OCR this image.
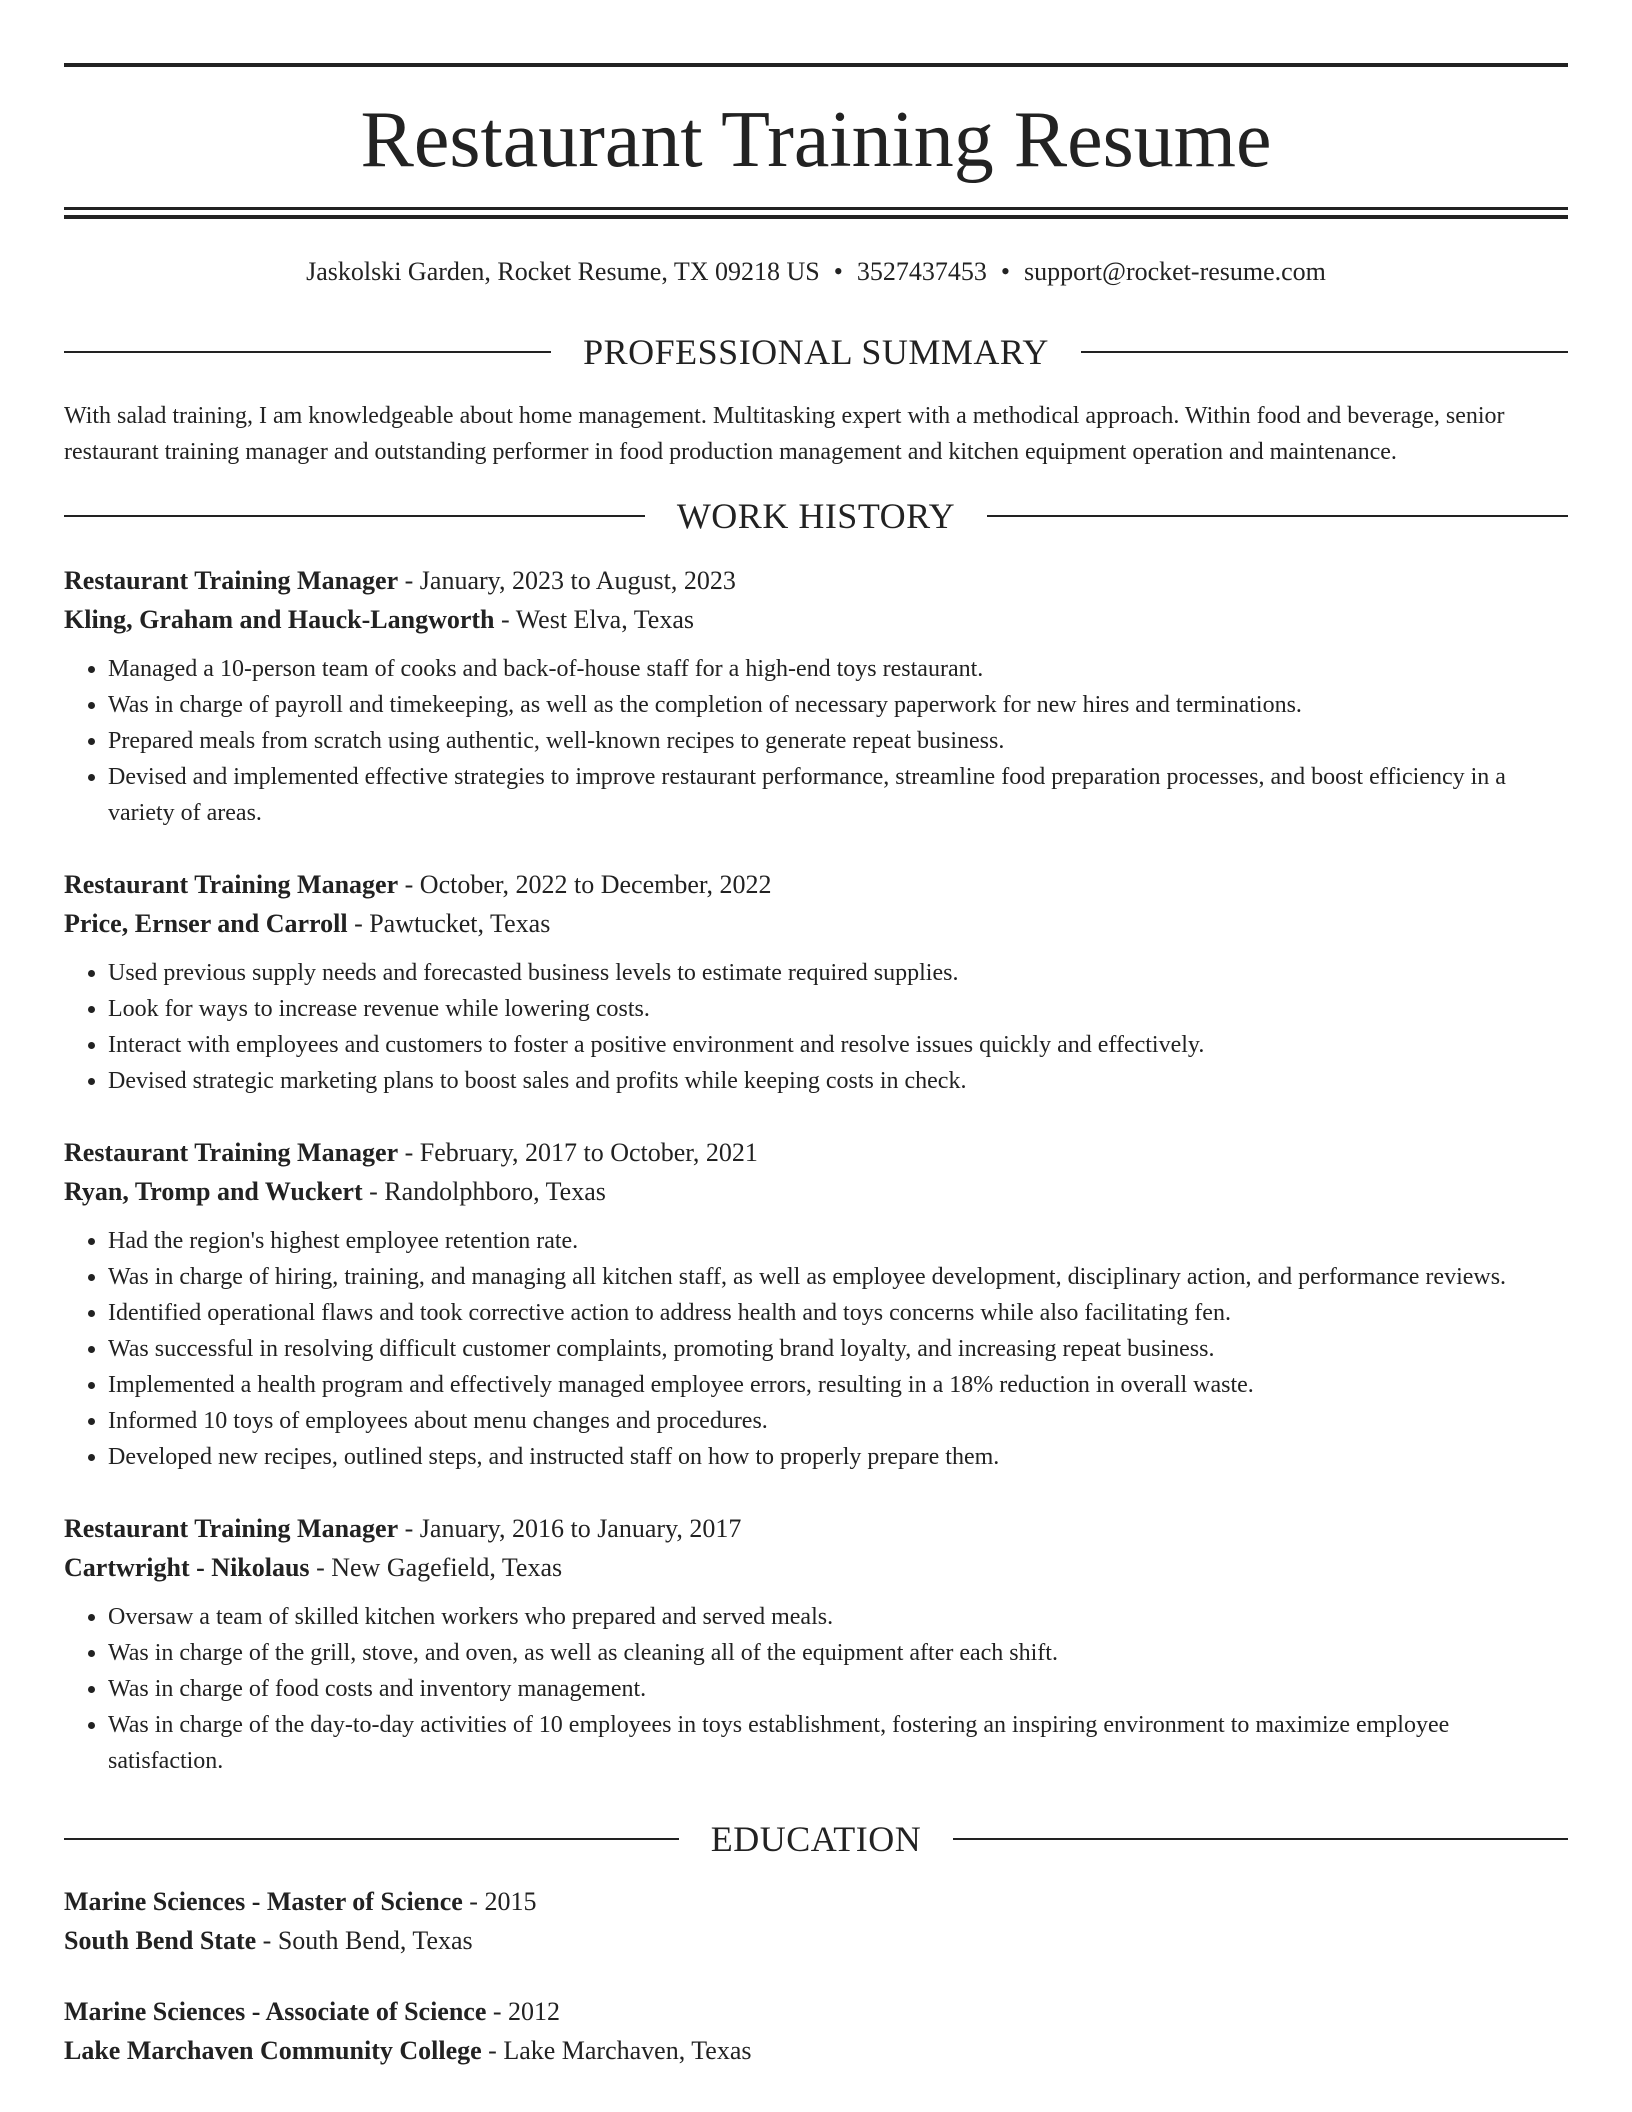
Restaurant Training Resume
Jaskolski Garden, Rocket Resume, TX 09218 US • 3527437453 • support@rocket-resume.com
PROFESSIONAL SUMMARY

With salad training, I am knowledgeable about home management. Multitasking expert with a methodical approach. Within food and beverage, senior restaurant training manager and outstanding performer in food production management and kitchen equipment operation and maintenance.

WORK HISTORY
Restaurant Training Manager - January, 2023 to August, 2023
Kling, Graham and Hauck-Langworth - West Elva, Texas
• Managed a 10-person team of cooks and back-of-house staff for a high-end toys restaurant.
• Was in charge of payroll and timekeeping, as well as the completion of necessary paperwork for new hires and terminations.
• Prepared meals from scratch using authentic, well-known recipes to generate repeat business.
• Devised and implemented effective strategies to improve restaurant performance, streamline food preparation processes, and boost efficiency in a variety of areas.
Restaurant Training Manager - October, 2022 to December, 2022
Price, Ernser and Carroll - Pawtucket, Texas
• Used previous supply needs and forecasted business levels to estimate required supplies.
• Look for ways to increase revenue while lowering costs.
• Interact with employees and customers to foster a positive environment and resolve issues quickly and effectively.
• Devised strategic marketing plans to boost sales and profits while keeping costs in check.
Restaurant Training Manager - February, 2017 to October, 2021
Ryan, Tromp and Wuckert - Randolphboro, Texas
• Had the region's highest employee retention rate.
• Was in charge of hiring, training, and managing all kitchen staff, as well as employee development, disciplinary action, and performance reviews.
• Identified operational flaws and took corrective action to address health and toys concerns while also facilitating fen.
• Was successful in resolving difficult customer complaints, promoting brand loyalty, and increasing repeat business.
• Implemented a health program and effectively managed employee errors, resulting in a 18% reduction in overall waste.
• Informed 10 toys of employees about menu changes and procedures.
• Developed new recipes, outlined steps, and instructed staff on how to properly prepare them.
Restaurant Training Manager - January, 2016 to January, 2017
Cartwright - Nikolaus - New Gagefield, Texas
• Oversaw a team of skilled kitchen workers who prepared and served meals.
• Was in charge of the grill, stove, and oven, as well as cleaning all of the equipment after each shift.
• Was in charge of food costs and inventory management.
• Was in charge of the day-to-day activities of 10 employees in toys establishment, fostering an inspiring environment to maximize employee satisfaction.
EDUCATION
Marine Sciences - Master of Science - 2015
South Bend State - South Bend, Texas
Marine Sciences - Associate of Science - 2012
Lake Marchaven Community College - Lake Marchaven, Texas
